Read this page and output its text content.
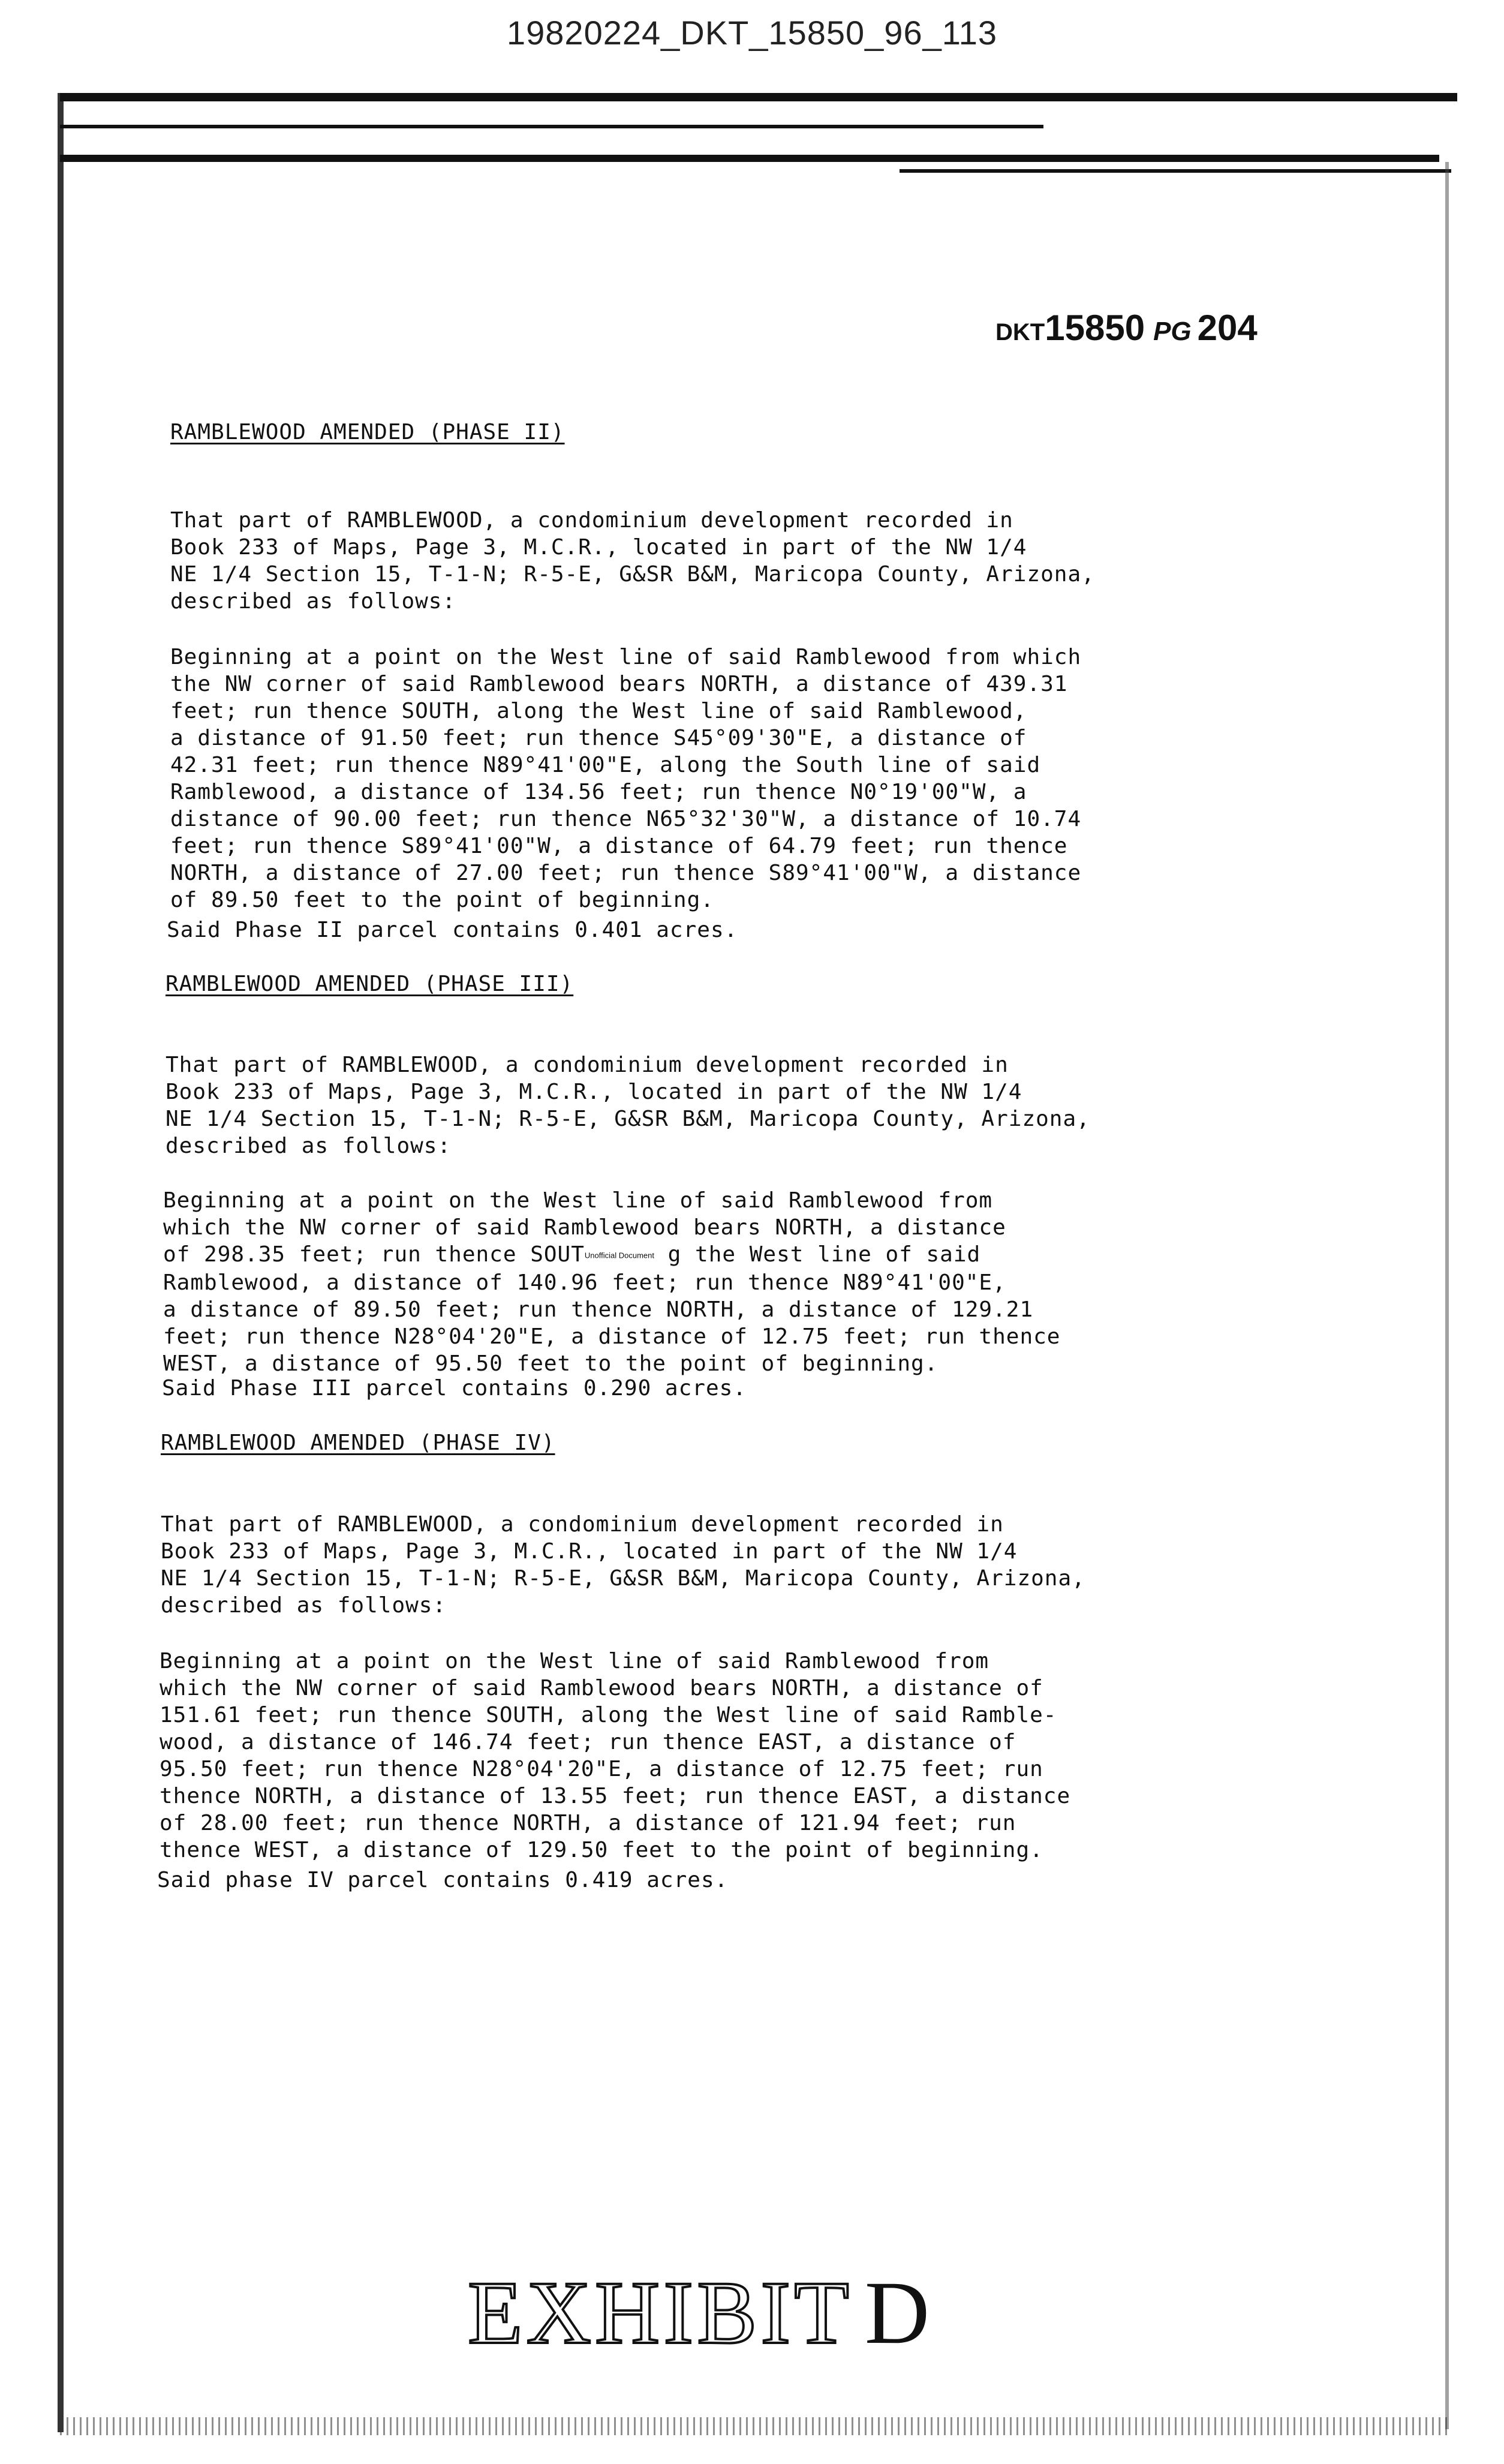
19820224_DKT_15850_96_113
DKT15850 PG 204
RAMBLEWOOD AMENDED (PHASE II)

That part of RAMBLEWOOD, a condominium development recorded in
Book 233 of Maps, Page 3, M.C.R., located in part of the NW 1/4
NE 1/4 Section 15, T-1-N; R-5-E, G&SR B&M, Maricopa County, Arizona,
described as follows:

Beginning at a point on the West line of said Ramblewood from which
the NW corner of said Ramblewood bears NORTH, a distance of 439.31
feet; run thence SOUTH, along the West line of said Ramblewood,
a distance of 91.50 feet; run thence S45°09'30"E, a distance of
42.31 feet; run thence N89°41'00"E, along the South line of said
Ramblewood, a distance of 134.56 feet; run thence N0°19'00"W, a
distance of 90.00 feet; run thence N65°32'30"W, a distance of 10.74
feet; run thence S89°41'00"W, a distance of 64.79 feet; run thence
NORTH, a distance of 27.00 feet; run thence S89°41'00"W, a distance
of 89.50 feet to the point of beginning.

Said Phase II parcel contains 0.401 acres.
RAMBLEWOOD AMENDED (PHASE III)

That part of RAMBLEWOOD, a condominium development recorded in
Book 233 of Maps, Page 3, M.C.R., located in part of the NW 1/4
NE 1/4 Section 15, T-1-N; R-5-E, G&SR B&M, Maricopa County, Arizona,
described as follows:

Beginning at a point on the West line of said Ramblewood from
which the NW corner of said Ramblewood bears NORTH, a distance
of 298.35 feet; run thence SOUTUnofficial Document g the West line of said
Ramblewood, a distance of 140.96 feet; run thence N89°41'00"E,
a distance of 89.50 feet; run thence NORTH, a distance of 129.21
feet; run thence N28°04'20"E, a distance of 12.75 feet; run thence
WEST, a distance of 95.50 feet to the point of beginning.

Said Phase III parcel contains 0.290 acres.
RAMBLEWOOD AMENDED (PHASE IV)

That part of RAMBLEWOOD, a condominium development recorded in
Book 233 of Maps, Page 3, M.C.R., located in part of the NW 1/4
NE 1/4 Section 15, T-1-N; R-5-E, G&SR B&M, Maricopa County, Arizona,
described as follows:

Beginning at a point on the West line of said Ramblewood from
which the NW corner of said Ramblewood bears NORTH, a distance of
151.61 feet; run thence SOUTH, along the West line of said Ramble-
wood, a distance of 146.74 feet; run thence EAST, a distance of
95.50 feet; run thence N28°04'20"E, a distance of 12.75 feet; run
thence NORTH, a distance of 13.55 feet; run thence EAST, a distance
of 28.00 feet; run thence NORTH, a distance of 121.94 feet; run
thence WEST, a distance of 129.50 feet to the point of beginning.

Said phase IV parcel contains 0.419 acres.
EXHIBIT D
